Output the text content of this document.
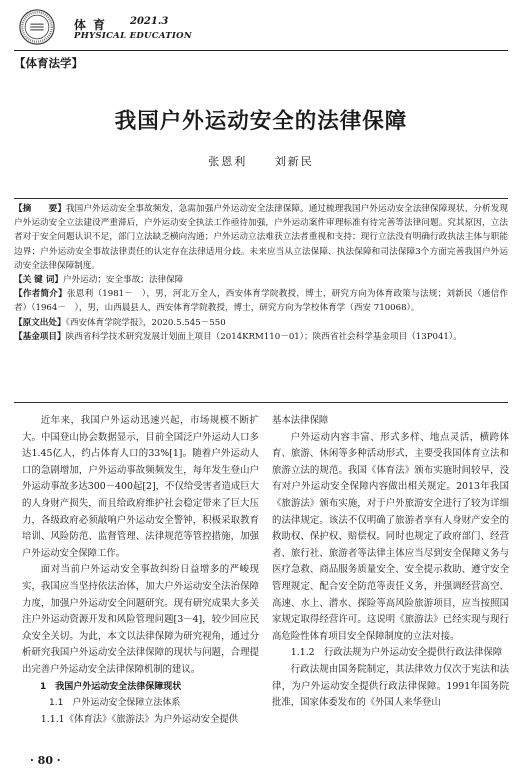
体育 2021.3
PHYSICAL EDUCATION
【体育法学】
我国户外运动安全的法律保障
张恩利	刘新民

【摘　　要】我国户外运动安全事故频发，急需加强户外运动安全法律保障。通过梳理我国户外运动安全法律保障现状，分析发现户外运动安全立法建设严重滞后，户外运动安全执法工作亟待加强，户外运动案件审理标准有待完善等法律问题。究其原因，立法者对于安全问题认识不足，部门立法缺乏横向沟通；户外运动立法难获立法者重视和支持；现行立法没有明确行政执法主体与职能边界；户外运动安全事故法律责任的认定存在法律适用分歧。未来应当从立法保障、执法保障和司法保障3个方面完善我国户外运动安全法律保障制度。

【关 键 词】户外运动；安全事故；法律保障

【作者简介】张恩利（1981－　），男，河北万全人，西安体育学院教授，博士，研究方向为体育政策与法规；刘新民（通信作者）（1964－　），男，山西晨县人，西安体育学院教授，博士，研究方向为学校体育学（西安 710068）。

【原文出处】《西安体育学院学报》，2020.5.545－550

【基金项目】陕西省科学技术研究发展计划面上项目（2014KRM110－01）；陕西省社会科学基金项目（13P041）。

近年来，我国户外运动迅速兴起，市场规模不断扩大。中国登山协会数据显示，目前全国泛户外运动人口多达1.45亿人，约占体育人口的33%[1]。随着户外运动人口的急剧增加，户外运动事故频频发生，每年发生登山户外运动事故多达300－400起[2]，不仅给受害者造成巨大的人身财产损失，而且给政府维护社会稳定带来了巨大压力，各级政府必须敲响户外运动安全警钟，积极采取教育培训、风险防范、监督管理、法律规范等管控措施，加强户外运动安全保障工作。

面对当前户外运动安全事故纠纷日益增多的严峻现实，我国应当坚持依法治体，加大户外运动安全法治保障力度，加强户外运动安全问题研究。现有研究成果大多关注户外运动资源开发和风险管理问题[3－4]，较少回应民众安全关切。为此，本文以法律保障为研究视角，通过分析研究我国户外运动安全法律保障的现状与问题，合理提出完善户外运动安全法律保障机制的建议。

1　我国户外运动安全法律保障现状

1.1　户外运动安全保障立法体系

1.1.1《体育法》《旅游法》为户外运动安全提供

基本法律保障

户外运动内容丰富、形式多样、地点灵活，横跨体育、旅游、休闲等多种活动形式，主要受我国体育立法和旅游立法的规范。我国《体育法》颁布实施时间较早，没有对户外运动安全保障内容做出相关规定。2013年我国《旅游法》颁布实施，对于户外旅游安全进行了较为详细的法律规定。该法不仅明确了旅游者享有人身财产安全的救助权、保护权、赔偿权。同时也规定了政府部门、经营者、旅行社、旅游者等法律主体应当尽到安全保障义务与医疗急救、商品服务质量安全、安全提示救助、遵守安全管理规定、配合安全防范等责任义务，并强调经营高空、高速、水上、潜水、探险等高风险旅游项目，应当按照国家规定取得经营许可。这说明《旅游法》已经实现与现行高危险性体育项目安全保障制度的立法对接。

1.1.2　行政法规为户外运动安全提供行政法律保障

行政法规由国务院制定，其法律效力仅次于宪法和法律，为户外运动安全提供行政法律保障。1991年国务院批准，国家体委发布的《外国人来华登山

· 80 ·
